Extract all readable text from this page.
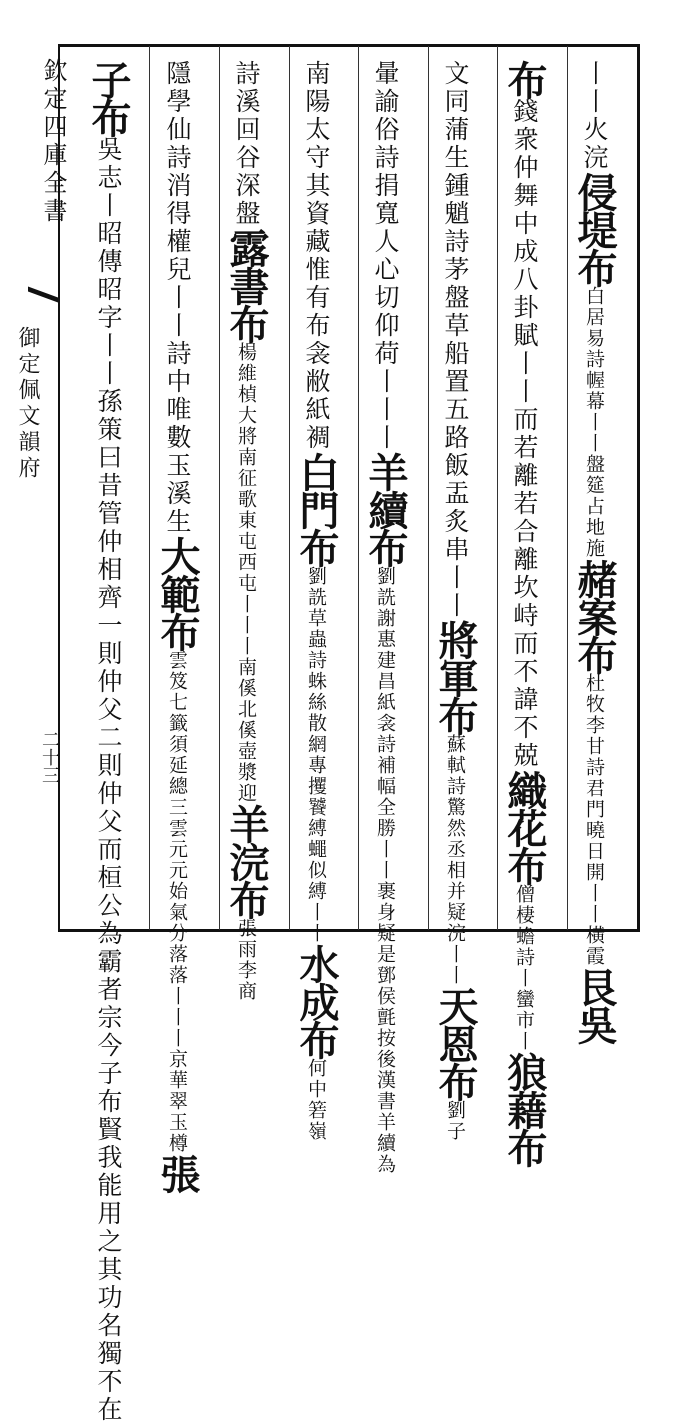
欽定四庫全書
御定佩文韻府
二十三
丨丨火浣侵堤布白居易詩幄幕丨丨盤筵占地施赭案布杜牧李甘詩君門曉日開丨丨橫霞艮吳
布錢衆仲舞中成八卦賦丨丨而若離若合離坎峙而不諱不兢織花布僧棲蟾詩丨蠻市丨狼藉布
文同蒲生鍾魈詩茅盤草船置五路飯盂炙串丨丨將軍布蘇軾詩驚然丞相并疑浣丨丨天恩布劉子
暈諭俗詩捐寬人心切仰荷丨丨丨羊續布劉詵謝惠建昌紙衾詩補幅全勝丨丨裹身疑是鄧侯氈按後漢書羊續為
南陽太守其資藏惟有布衾敝紙裯白門布劉詵草蟲詩蛛絲散網專攫饕縛蠅似縛丨丨水成布何中箬嶺
詩溪回谷深盤露書布楊維楨大將南征歌東屯西屯丨丨丨南傒北傒壺漿迎羊浣布張雨李商
隱學仙詩消得權兒丨丨詩中唯數玉溪生大範布雲笈七籤須延總三雲元元始氣分落落丨丨丨京華翠玉樽張
子布吳志丨昭傳昭字丨丨孫策曰昔管仲相齊一則仲父二則仲父而桓公為霸者宗今子布賢我能用之其功名獨不在
